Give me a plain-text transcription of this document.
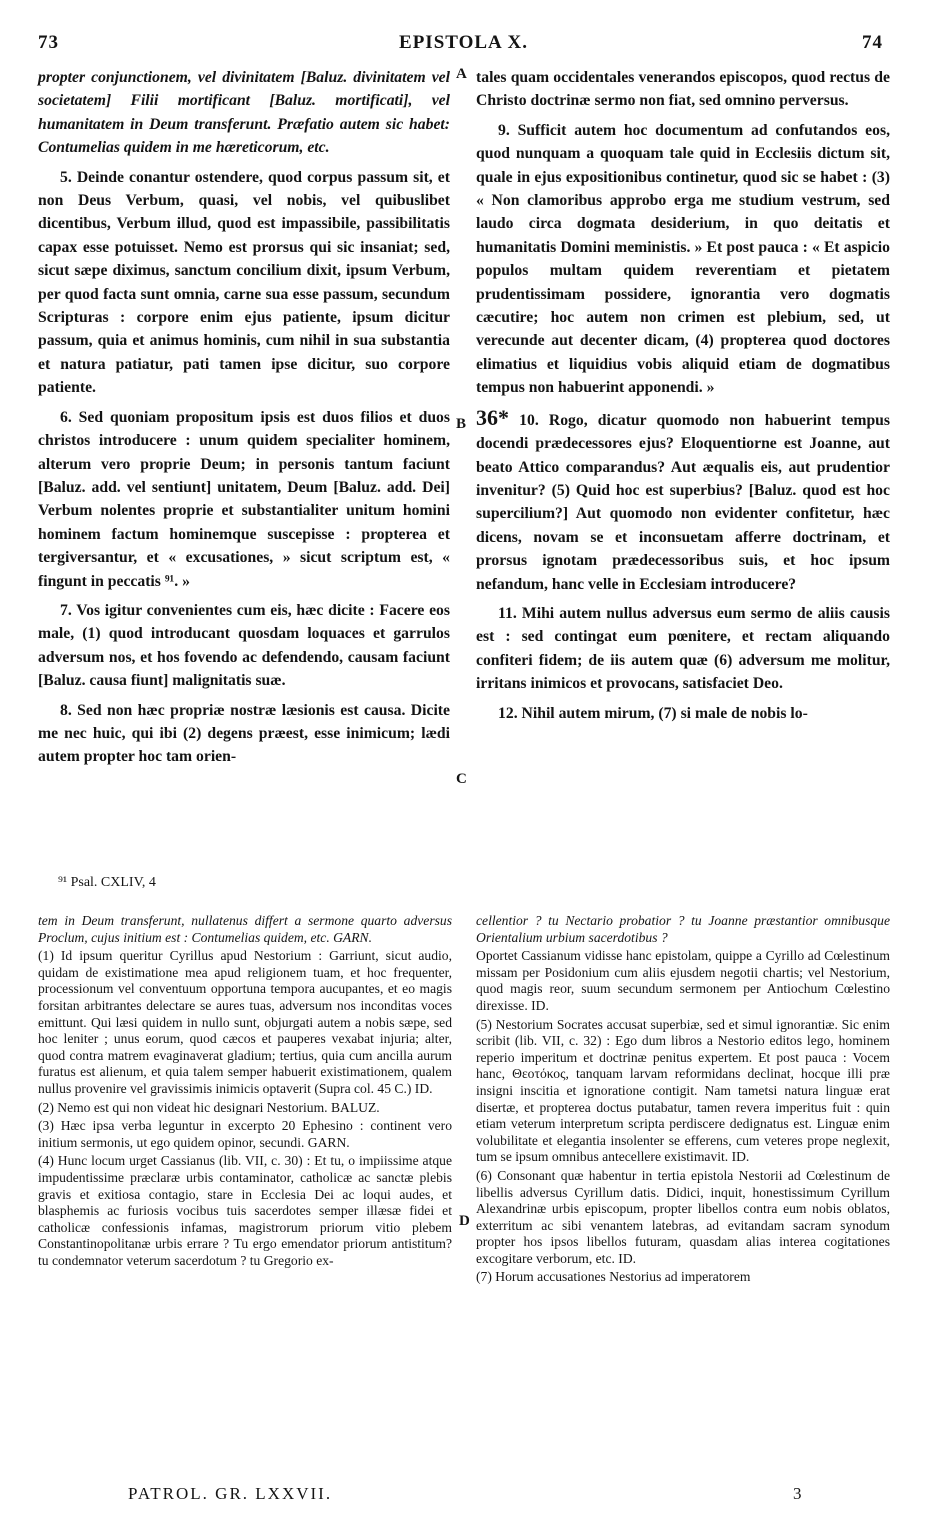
73	EPISTOLA X.	74
A
B
C
D

propter conjunctionem, vel divinitatem [Baluz. divinitatem vel societatem] Filii mortificant [Baluz. mortificati], vel humanitatem in Deum transferunt. Præfatio autem sic habet: Contumelias quidem in me hæreticorum, etc.

5. Deinde conantur ostendere, quod corpus passum sit, et non Deus Verbum, quasi, vel nobis, vel quibuslibet dicentibus, Verbum illud, quod est impassibile, passibilitatis capax esse potuisset. Nemo est prorsus qui sic insaniat; sed, sicut sæpe diximus, sanctum concilium dixit, ipsum Verbum, per quod facta sunt omnia, carne sua esse passum, secundum Scripturas : corpore enim ejus patiente, ipsum dicitur passum, quia et animus hominis, cum nihil in sua substantia et natura patiatur, pati tamen ipse dicitur, suo corpore patiente.

6. Sed quoniam propositum ipsis est duos filios et duos christos introducere : unum quidem specialiter hominem, alterum vero proprie Deum; in personis tantum faciunt [Baluz. add. vel sentiunt] unitatem, Deum [Baluz. add. Dei] Verbum nolentes proprie et substantialiter unitum homini hominem factum hominemque suscepisse : propterea et tergiversantur, et « excusationes, » sicut scriptum est, « fingunt in peccatis ⁹¹. »

7. Vos igitur convenientes cum eis, hæc dicite : Facere eos male, (1) quod introducant quosdam loquaces et garrulos adversum nos, et hos fovendo ac defendendo, causam faciunt [Baluz. causa fiunt] malignitatis suæ.

8. Sed non hæc propriæ nostræ læsionis est causa. Dicite me nec huic, qui ibi (2) degens præest, esse inimicum; lædi autem propter hoc tam orien-

tales quam occidentales venerandos episcopos, quod rectus de Christo doctrinæ sermo non fiat, sed omnino perversus.

9. Sufficit autem hoc documentum ad confutandos eos, quod nunquam a quoquam tale quid in Ecclesiis dictum sit, quale in ejus expositionibus continetur, quod sic se habet : (3) « Non clamoribus approbo erga me studium vestrum, sed laudo circa dogmata desiderium, in quo deitatis et humanitatis Domini meministis. » Et post pauca : « Et aspicio populos multam quidem reverentiam et pietatem prudentissimam possidere, ignorantia vero dogmatis cæcutire; hoc autem non crimen est plebium, sed, ut verecunde aut decenter dicam, (4) propterea quod doctores elimatius et liquidius vobis aliquid etiam de dogmatibus tempus non habuerint apponendi. »

36* 10. Rogo, dicatur quomodo non habuerint tempus docendi prædecessores ejus? Eloquentiorne est Joanne, aut beato Attico comparandus? Aut æqualis eis, aut prudentior invenitur? (5) Quid hoc est superbius? [Baluz. quod est hoc supercilium?] Aut quomodo non evidenter confitetur, hæc dicens, novam se et inconsuetam afferre doctrinam, et prorsus ignotam prædecessoribus suis, et hoc ipsum nefandum, hanc velle in Ecclesiam introducere?

11. Mihi autem nullus adversus eum sermo de aliis causis est : sed contingat eum pœnitere, et rectam aliquando confiteri fidem; de iis autem quæ (6) adversum me molitur, irritans inimicos et provocans, satisfaciet Deo.

12. Nihil autem mirum, (7) si male de nobis lo-

⁹¹ Psal. CXLIV, 4

tem in Deum transferunt, nullatenus differt a sermone quarto adversus Proclum, cujus initium est : Contumelias quidem, etc. GARN.

(1) Id ipsum queritur Cyrillus apud Nestorium : Garriunt, sicut audio, quidam de existimatione mea apud religionem tuam, et hoc frequenter, processionum vel conventuum opportuna tempora aucupantes, et eo magis forsitan arbitrantes delectare se aures tuas, adversum nos inconditas voces emittunt. Qui læsi quidem in nullo sunt, objurgati autem a nobis sæpe, sed hoc leniter ; unus eorum, quod cæcos et pauperes vexabat injuria; alter, quod contra matrem evaginaverat gladium; tertius, quia cum ancilla aurum furatus est alienum, et quia talem semper habuerit existimationem, qualem nullus provenire vel gravissimis inimicis optaverit (Supra col. 45 C.) ID.

(2) Nemo est qui non videat hic designari Nestorium. BALUZ.

(3) Hæc ipsa verba leguntur in excerpto 20 Ephesino : continent vero initium sermonis, ut ego quidem opinor, secundi. GARN.

(4) Hunc locum urget Cassianus (lib. VII, c. 30) : Et tu, o impiissime atque impudentissime præclaræ urbis contaminator, catholicæ ac sanctæ plebis gravis et exitiosa contagio, stare in Ecclesia Dei ac loqui audes, et blasphemis ac furiosis vocibus tuis sacerdotes semper illæsæ fidei et catholicæ confessionis infamas, magistrorum priorum vitio plebem Constantinopolitanæ urbis errare ? Tu ergo emendator priorum antistitum? tu condemnator veterum sacerdotum ? tu Gregorio ex-

cellentior ? tu Nectario probatior ? tu Joanne præstantior omnibusque Orientalium urbium sacerdotibus ?

Oportet Cassianum vidisse hanc epistolam, quippe a Cyrillo ad Cœlestinum missam per Posidonium cum aliis ejusdem negotii chartis; vel Nestorium, quod magis reor, suum secundum sermonem per Antiochum Cœlestino direxisse. ID.

(5) Nestorium Socrates accusat superbiæ, sed et simul ignorantiæ. Sic enim scribit (lib. VII, c. 32) : Ego dum libros a Nestorio editos lego, hominem reperio imperitum et doctrinæ penitus expertem. Et post pauca : Vocem hanc, Θεοτόκος, tanquam larvam reformidans declinat, hocque illi præ insigni inscitia et ignoratione contigit. Nam tametsi natura linguæ erat disertæ, et propterea doctus putabatur, tamen revera imperitus fuit : quin etiam veterum interpretum scripta perdiscere dedignatus est. Linguæ enim volubilitate et elegantia insolenter se efferens, cum veteres prope neglexit, tum se ipsum omnibus antecellere existimavit. ID.

(6) Consonant quæ habentur in tertia epistola Nestorii ad Cœlestinum de libellis adversus Cyrillum datis. Didici, inquit, honestissimum Cyrillum Alexandrinæ urbis episcopum, propter libellos contra eum nobis oblatos, exterritum ac sibi venantem latebras, ad evitandam sacram synodum propter hos ipsos libellos futuram, quasdam alias interea cogitationes excogitare verborum, etc. ID.

(7) Horum accusationes Nestorius ad imperatorem

PATROL. GR. LXXVII.	3
